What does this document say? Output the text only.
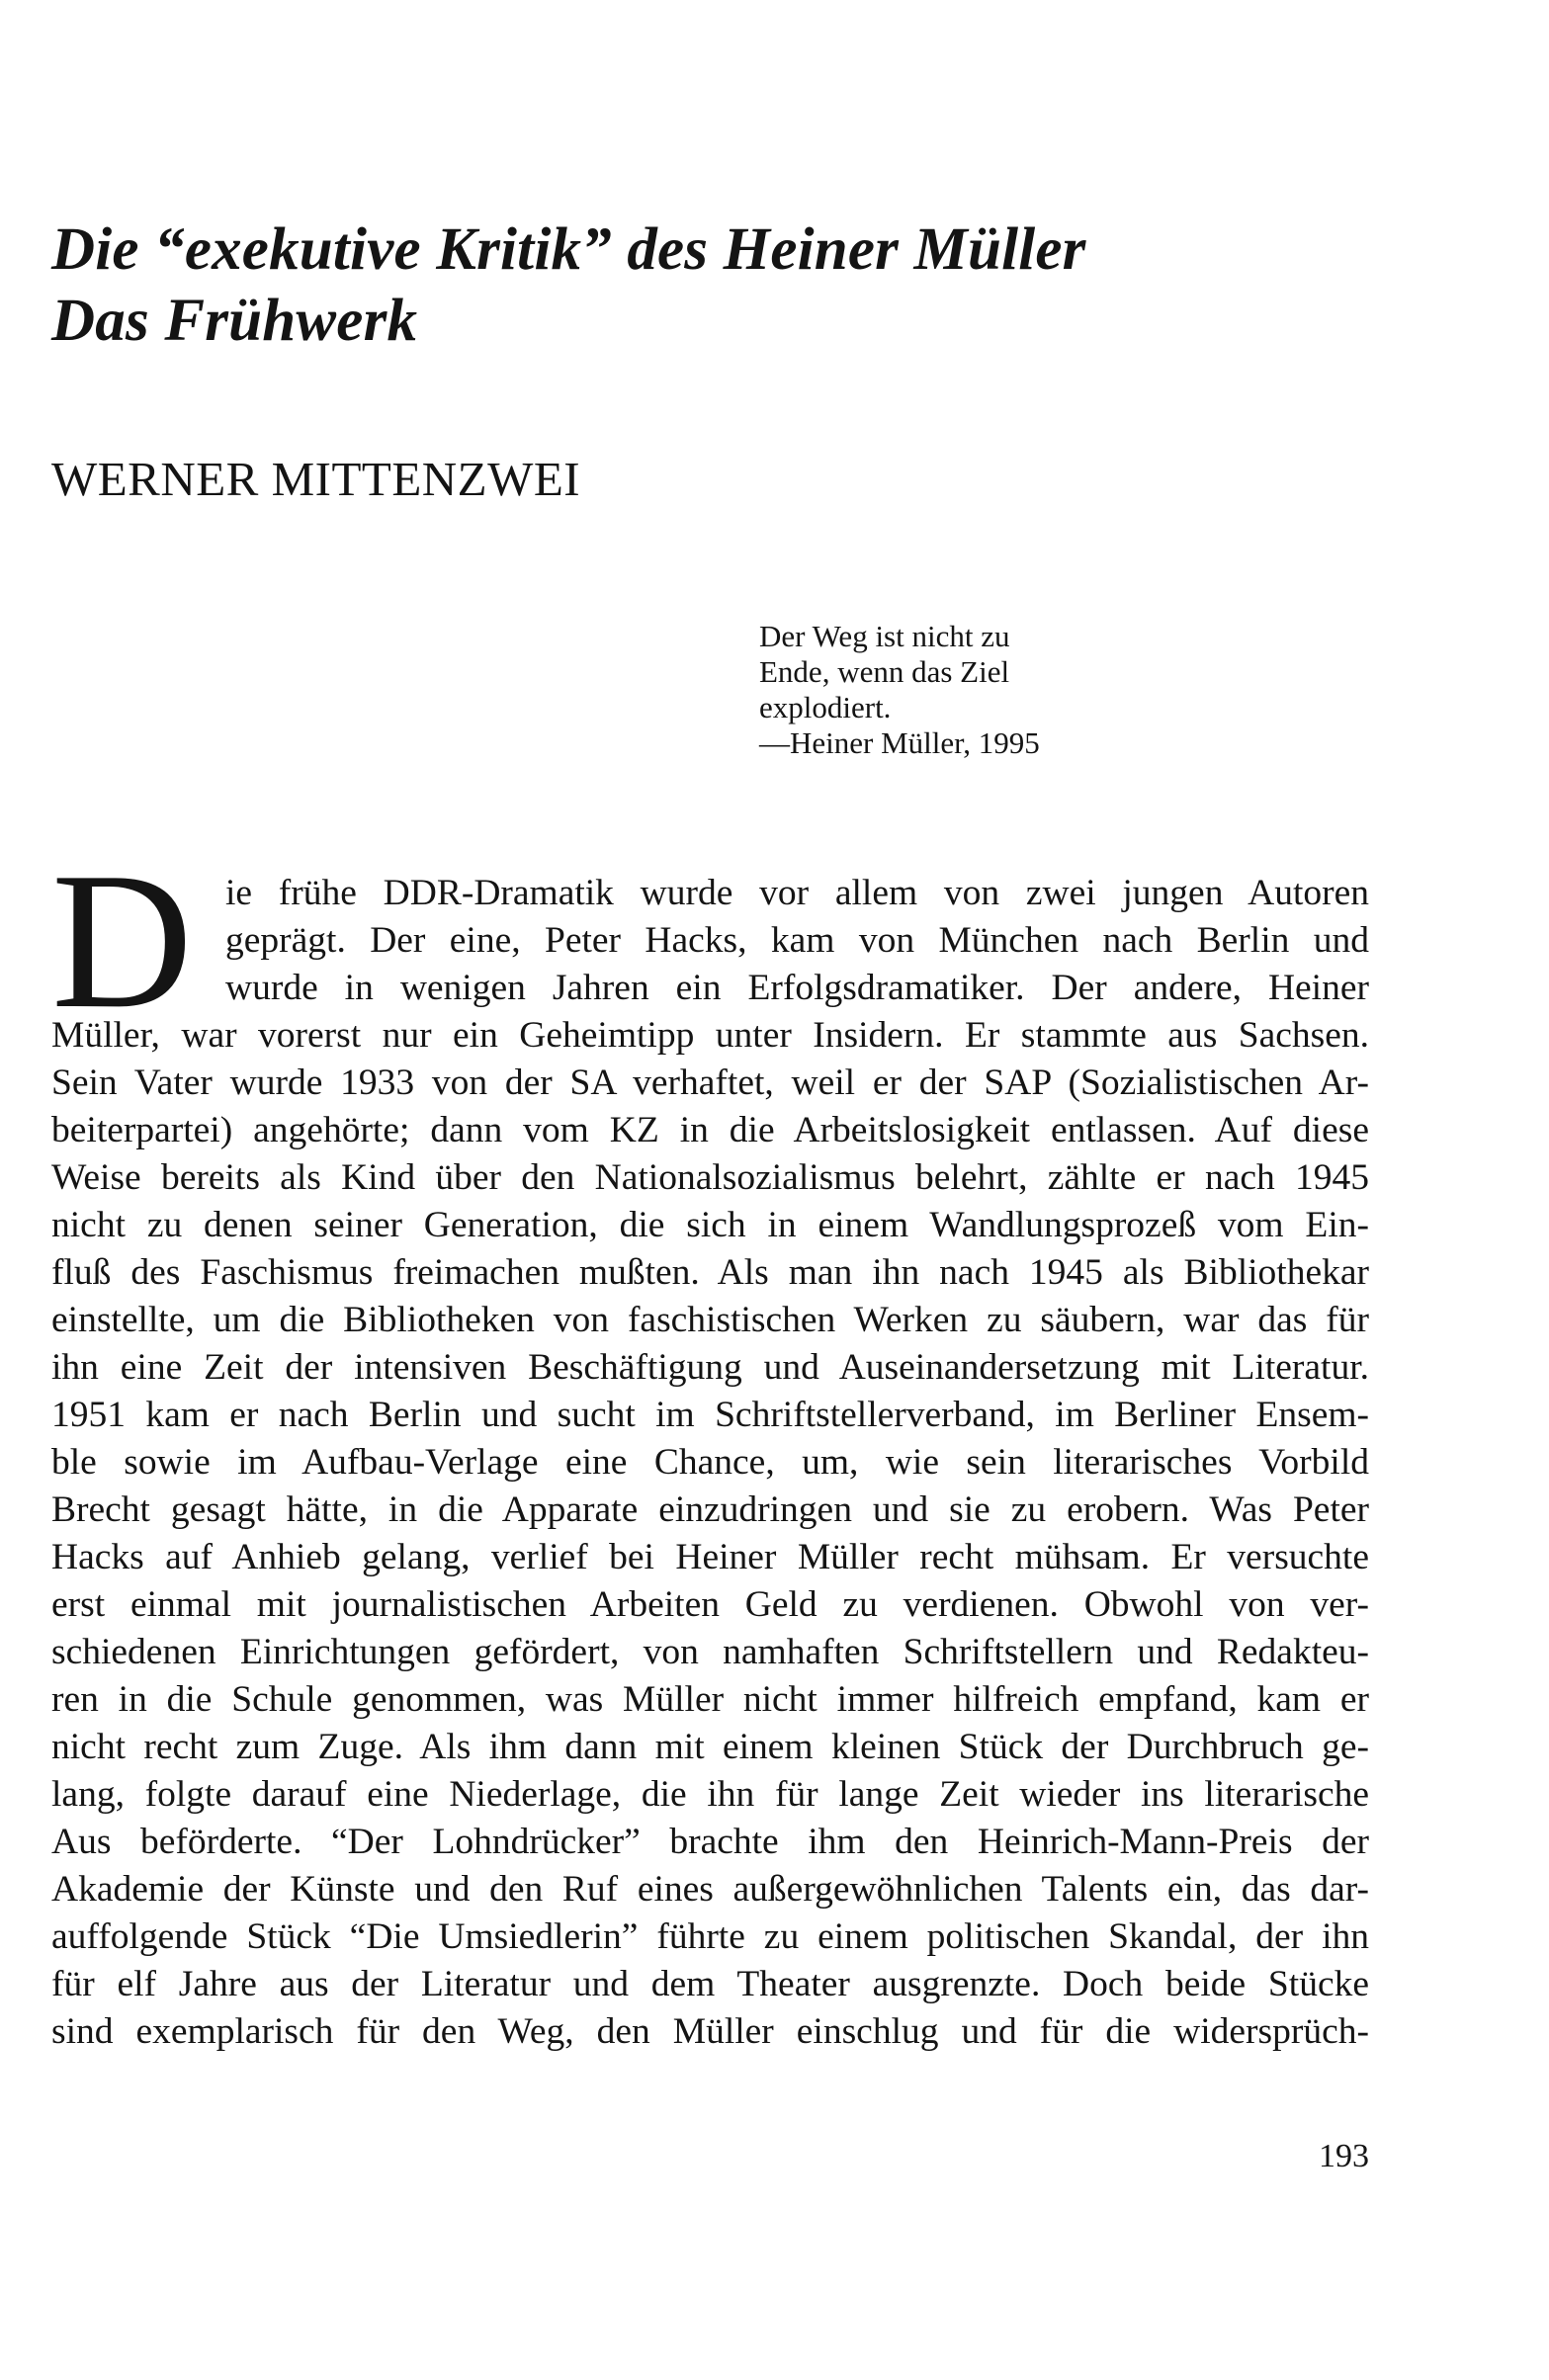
Die “exekutive Kritik” des Heiner Müller
Das Frühwerk
WERNER MITTENZWEI
Der Weg ist nicht zu
Ende, wenn das Ziel
explodiert.
—Heiner Müller, 1995
D ie frühe DDR-Dramatik wurde vor allem von zwei jungen Autoren
geprägt. Der eine, Peter Hacks, kam von München nach Berlin und
wurde in wenigen Jahren ein Erfolgsdramatiker. Der andere, Heiner
Müller, war vorerst nur ein Geheimtipp unter Insidern. Er stammte aus Sachsen.
Sein Vater wurde 1933 von der SA verhaftet, weil er der SAP (Sozialistischen Ar-
beiterpartei) angehörte; dann vom KZ in die Arbeitslosigkeit entlassen. Auf diese
Weise bereits als Kind über den Nationalsozialismus belehrt, zählte er nach 1945
nicht zu denen seiner Generation, die sich in einem Wandlungsprozeß vom Ein-
fluß des Faschismus freimachen mußten. Als man ihn nach 1945 als Bibliothekar
einstellte, um die Bibliotheken von faschistischen Werken zu säubern, war das für
ihn eine Zeit der intensiven Beschäftigung und Auseinandersetzung mit Literatur.
1951 kam er nach Berlin und sucht im Schriftstellerverband, im Berliner Ensem-
ble sowie im Aufbau-Verlage eine Chance, um, wie sein literarisches Vorbild
Brecht gesagt hätte, in die Apparate einzudringen und sie zu erobern. Was Peter
Hacks auf Anhieb gelang, verlief bei Heiner Müller recht mühsam. Er versuchte
erst einmal mit journalistischen Arbeiten Geld zu verdienen. Obwohl von ver-
schiedenen Einrichtungen gefördert, von namhaften Schriftstellern und Redakteu-
ren in die Schule genommen, was Müller nicht immer hilfreich empfand, kam er
nicht recht zum Zuge. Als ihm dann mit einem kleinen Stück der Durchbruch ge-
lang, folgte darauf eine Niederlage, die ihn für lange Zeit wieder ins literarische
Aus beförderte. “Der Lohndrücker” brachte ihm den Heinrich-Mann-Preis der
Akademie der Künste und den Ruf eines außergewöhnlichen Talents ein, das dar-
auffolgende Stück “Die Umsiedlerin” führte zu einem politischen Skandal, der ihn
für elf Jahre aus der Literatur und dem Theater ausgrenzte. Doch beide Stücke
sind exemplarisch für den Weg, den Müller einschlug und für die widersprüch-
193
